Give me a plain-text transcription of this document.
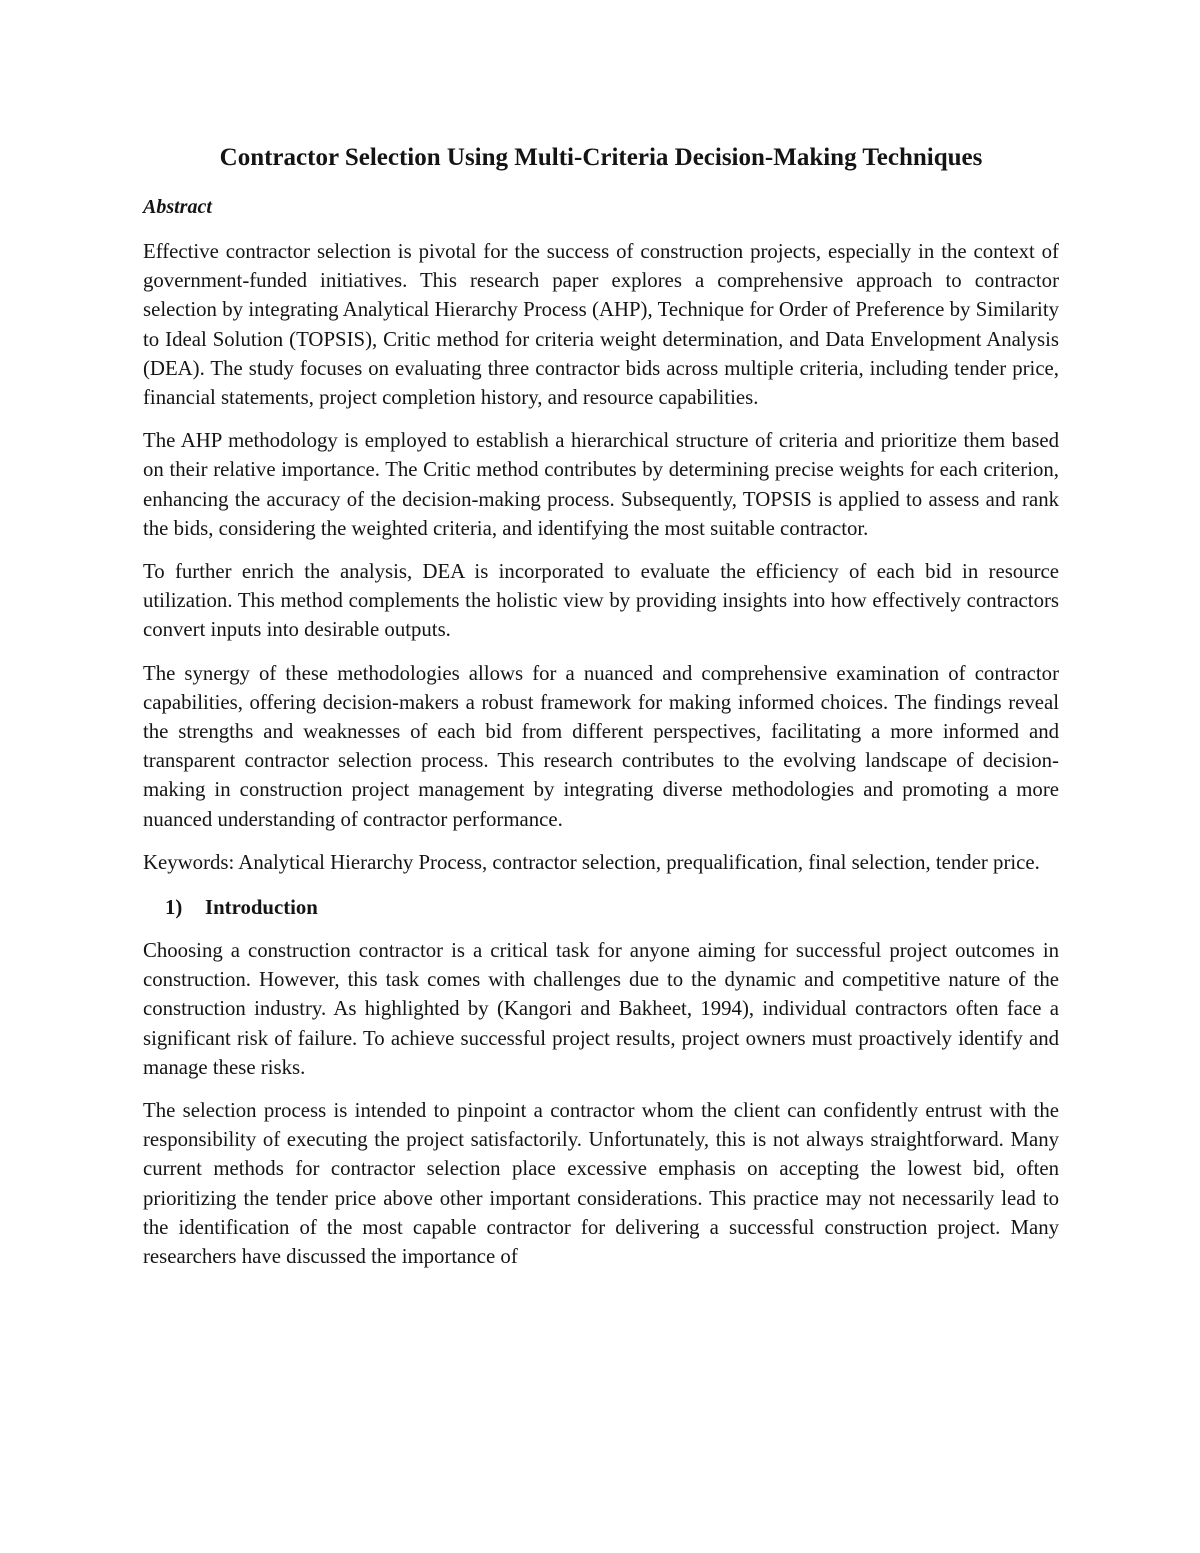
Contractor Selection Using Multi-Criteria Decision-Making Techniques
Abstract

Effective contractor selection is pivotal for the success of construction projects, especially in the context of government-funded initiatives. This research paper explores a comprehensive approach to contractor selection by integrating Analytical Hierarchy Process (AHP), Technique for Order of Preference by Similarity to Ideal Solution (TOPSIS), Critic method for criteria weight determination, and Data Envelopment Analysis (DEA). The study focuses on evaluating three contractor bids across multiple criteria, including tender price, financial statements, project completion history, and resource capabilities.

The AHP methodology is employed to establish a hierarchical structure of criteria and prioritize them based on their relative importance. The Critic method contributes by determining precise weights for each criterion, enhancing the accuracy of the decision-making process. Subsequently, TOPSIS is applied to assess and rank the bids, considering the weighted criteria, and identifying the most suitable contractor.

To further enrich the analysis, DEA is incorporated to evaluate the efficiency of each bid in resource utilization. This method complements the holistic view by providing insights into how effectively contractors convert inputs into desirable outputs.

The synergy of these methodologies allows for a nuanced and comprehensive examination of contractor capabilities, offering decision-makers a robust framework for making informed choices. The findings reveal the strengths and weaknesses of each bid from different perspectives, facilitating a more informed and transparent contractor selection process. This research contributes to the evolving landscape of decision-making in construction project management by integrating diverse methodologies and promoting a more nuanced understanding of contractor performance.

Keywords: Analytical Hierarchy Process, contractor selection, prequalification, final selection, tender price.

1) Introduction

Choosing a construction contractor is a critical task for anyone aiming for successful project outcomes in construction. However, this task comes with challenges due to the dynamic and competitive nature of the construction industry. As highlighted by (Kangori and Bakheet, 1994), individual contractors often face a significant risk of failure. To achieve successful project results, project owners must proactively identify and manage these risks.

The selection process is intended to pinpoint a contractor whom the client can confidently entrust with the responsibility of executing the project satisfactorily. Unfortunately, this is not always straightforward. Many current methods for contractor selection place excessive emphasis on accepting the lowest bid, often prioritizing the tender price above other important considerations. This practice may not necessarily lead to the identification of the most capable contractor for delivering a successful construction project. Many researchers have discussed the importance of
